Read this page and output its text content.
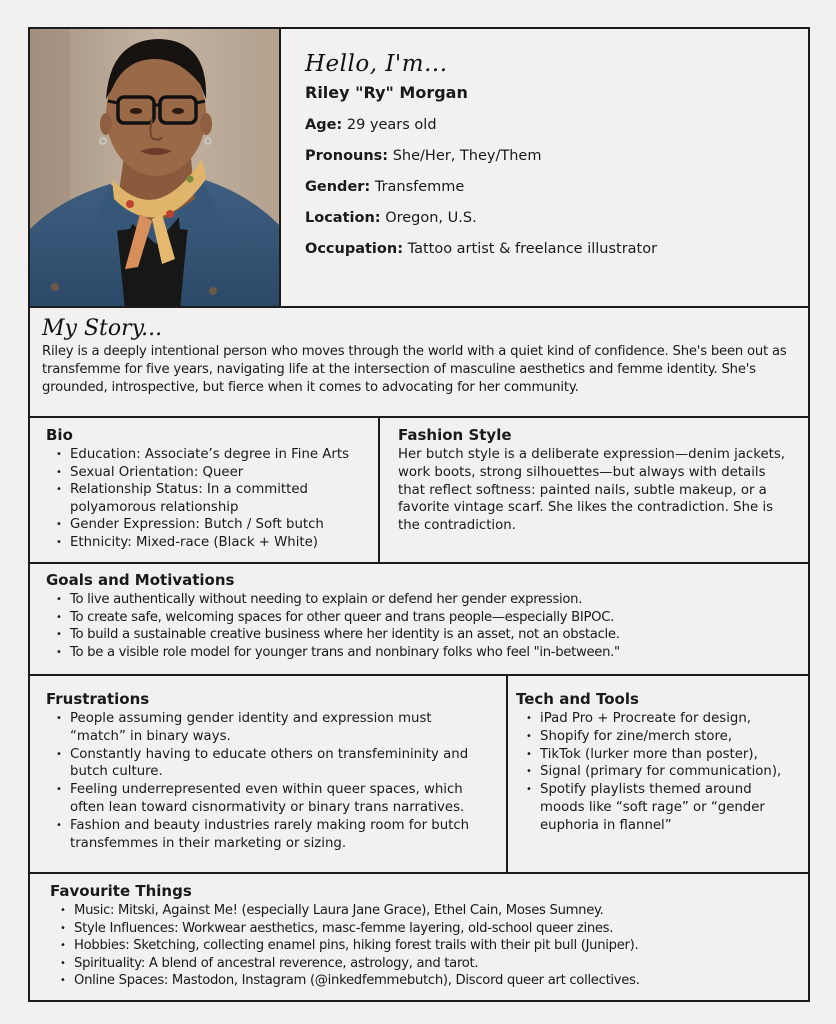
Hello, I'm...
Riley "Ry" Morgan
Age: 29 years old
Pronouns: She/Her, They/Them
Gender: Transfemme
Location: Oregon, U.S.
Occupation: Tattoo artist & freelance illustrator
My Story...

Riley is a deeply intentional person who moves through the world with a quiet kind of confidence. She's been out as transfemme for five years, navigating life at the intersection of masculine aesthetics and femme identity. She's grounded, introspective, but fierce when it comes to advocating for her community.

Bio
• Education: Associate’s degree in Fine Arts
• Sexual Orientation: Queer
• Relationship Status: In a committed polyamorous relationship
• Gender Expression: Butch / Soft butch
• Ethnicity: Mixed-race (Black + White)
Fashion Style

Her butch style is a deliberate expression—denim jackets, work boots, strong silhouettes—but always with details that reflect softness: painted nails, subtle makeup, or a favorite vintage scarf. She likes the contradiction. She is the contradiction.

Goals and Motivations
• To live authentically without needing to explain or defend her gender expression.
• To create safe, welcoming spaces for other queer and trans people—especially BIPOC.
• To build a sustainable creative business where her identity is an asset, not an obstacle.
• To be a visible role model for younger trans and nonbinary folks who feel "in-between."
Frustrations
• People assuming gender identity and expression must “match” in binary ways.
• Constantly having to educate others on transfemininity and butch culture.
• Feeling underrepresented even within queer spaces, which often lean toward cisnormativity or binary trans narratives.
• Fashion and beauty industries rarely making room for butch transfemmes in their marketing or sizing.
Tech and Tools
• iPad Pro + Procreate for design,
• Shopify for zine/merch store,
• TikTok (lurker more than poster),
• Signal (primary for communication),
• Spotify playlists themed around moods like “soft rage” or “gender euphoria in flannel”
Favourite Things
• Music: Mitski, Against Me! (especially Laura Jane Grace), Ethel Cain, Moses Sumney.
• Style Influences: Workwear aesthetics, masc-femme layering, old-school queer zines.
• Hobbies: Sketching, collecting enamel pins, hiking forest trails with their pit bull (Juniper).
• Spirituality: A blend of ancestral reverence, astrology, and tarot.
• Online Spaces: Mastodon, Instagram (@inkedfemmebutch), Discord queer art collectives.
